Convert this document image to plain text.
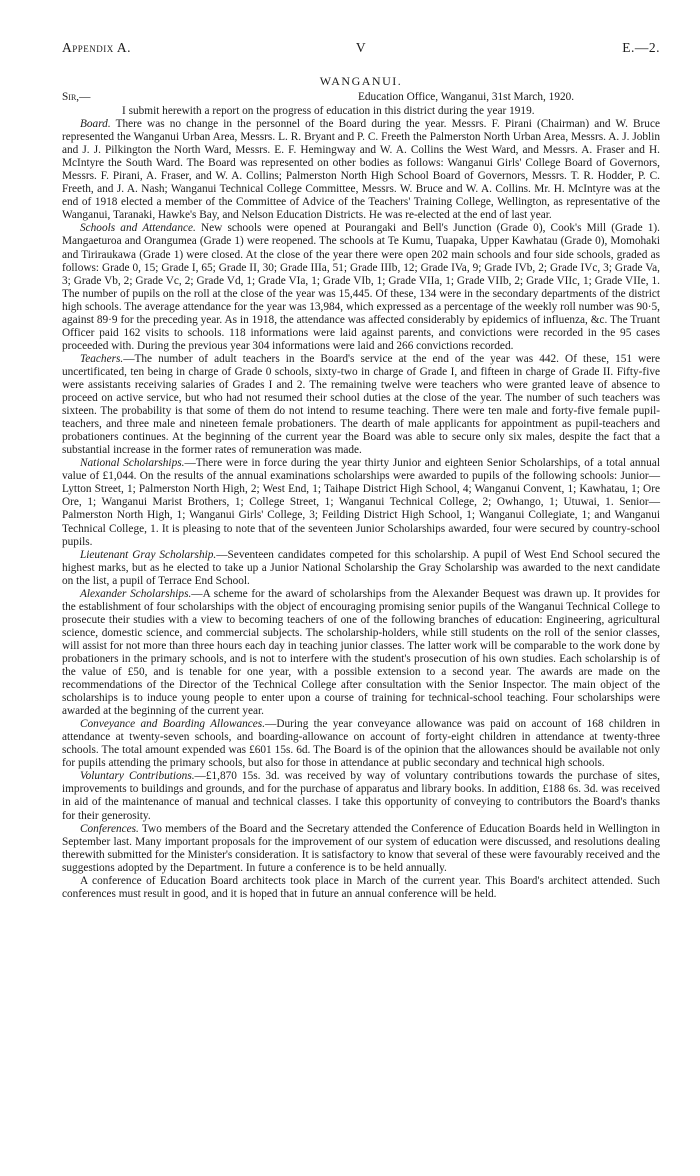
Appendix A.	V	E.—2.
WANGANUI.
Sir,—	Education Office, Wanganui, 31st March, 1920.

I submit herewith a report on the progress of education in this district during the year 1919.

Board. There was no change in the personnel of the Board during the year. Messrs. F. Pirani (Chairman) and W. Bruce represented the Wanganui Urban Area, Messrs. L. R. Bryant and P. C. Freeth the Palmerston North Urban Area, Messrs. A. J. Joblin and J. J. Pilkington the North Ward, Messrs. E. F. Hemingway and W. A. Collins the West Ward, and Messrs. A. Fraser and H. McIntyre the South Ward. The Board was represented on other bodies as follows: Wanganui Girls' College Board of Governors, Messrs. F. Pirani, A. Fraser, and W. A. Collins; Palmerston North High School Board of Governors, Messrs. T. R. Hodder, P. C. Freeth, and J. A. Nash; Wanganui Technical College Committee, Messrs. W. Bruce and W. A. Collins. Mr. H. McIntyre was at the end of 1918 elected a member of the Committee of Advice of the Teachers' Training College, Wellington, as representative of the Wanganui, Taranaki, Hawke's Bay, and Nelson Education Districts. He was re-elected at the end of last year.

Schools and Attendance. New schools were opened at Pourangaki and Bell's Junction (Grade 0), Cook's Mill (Grade 1). Mangaeturoa and Orangumea (Grade 1) were reopened. The schools at Te Kumu, Tuapaka, Upper Kawhatau (Grade 0), Momohaki and Tiriraukawa (Grade 1) were closed. At the close of the year there were open 202 main schools and four side schools, graded as follows: Grade 0, 15; Grade I, 65; Grade II, 30; Grade IIIa, 51; Grade IIIb, 12; Grade IVa, 9; Grade IVb, 2; Grade IVc, 3; Grade Va, 3; Grade Vb, 2; Grade Vc, 2; Grade Vd, 1; Grade VIa, 1; Grade VIb, 1; Grade VIIa, 1; Grade VIIb, 2; Grade VIIc, 1; Grade VIIe, 1. The number of pupils on the roll at the close of the year was 15,445. Of these, 134 were in the secondary departments of the district high schools. The average attendance for the year was 13,984, which expressed as a percentage of the weekly roll number was 90·5, against 89·9 for the preceding year. As in 1918, the attendance was affected considerably by epidemics of influenza, &c. The Truant Officer paid 162 visits to schools. 118 informations were laid against parents, and convictions were recorded in the 95 cases proceeded with. During the previous year 304 informations were laid and 266 convictions recorded.

Teachers.—The number of adult teachers in the Board's service at the end of the year was 442. Of these, 151 were uncertificated, ten being in charge of Grade 0 schools, sixty-two in charge of Grade I, and fifteen in charge of Grade II. Fifty-five were assistants receiving salaries of Grades I and 2. The remaining twelve were teachers who were granted leave of absence to proceed on active service, but who had not resumed their school duties at the close of the year. The number of such teachers was sixteen. The probability is that some of them do not intend to resume teaching. There were ten male and forty-five female pupil-teachers, and three male and nineteen female probationers. The dearth of male applicants for appointment as pupil-teachers and probationers continues. At the beginning of the current year the Board was able to secure only six males, despite the fact that a substantial increase in the former rates of remuneration was made.

National Scholarships.—There were in force during the year thirty Junior and eighteen Senior Scholarships, of a total annual value of £1,044. On the results of the annual examinations scholarships were awarded to pupils of the following schools: Junior—Lytton Street, 1; Palmerston North High, 2; West End, 1; Taihape District High School, 4; Wanganui Convent, 1; Kawhatau, 1; Ore Ore, 1; Wanganui Marist Brothers, 1; College Street, 1; Wanganui Technical College, 2; Owhango, 1; Utuwai, 1. Senior—Palmerston North High, 1; Wanganui Girls' College, 3; Feilding District High School, 1; Wanganui Collegiate, 1; and Wanganui Technical College, 1. It is pleasing to note that of the seventeen Junior Scholarships awarded, four were secured by country-school pupils.

Lieutenant Gray Scholarship.—Seventeen candidates competed for this scholarship. A pupil of West End School secured the highest marks, but as he elected to take up a Junior National Scholarship the Gray Scholarship was awarded to the next candidate on the list, a pupil of Terrace End School.

Alexander Scholarships.—A scheme for the award of scholarships from the Alexander Bequest was drawn up. It provides for the establishment of four scholarships with the object of encouraging promising senior pupils of the Wanganui Technical College to prosecute their studies with a view to becoming teachers of one of the following branches of education: Engineering, agricultural science, domestic science, and commercial subjects. The scholarship-holders, while still students on the roll of the senior classes, will assist for not more than three hours each day in teaching junior classes. The latter work will be comparable to the work done by probationers in the primary schools, and is not to interfere with the student's prosecution of his own studies. Each scholarship is of the value of £50, and is tenable for one year, with a possible extension to a second year. The awards are made on the recommendations of the Director of the Technical College after consultation with the Senior Inspector. The main object of the scholarships is to induce young people to enter upon a course of training for technical-school teaching. Four scholarships were awarded at the beginning of the current year.

Conveyance and Boarding Allowances.—During the year conveyance allowance was paid on account of 168 children in attendance at twenty-seven schools, and boarding-allowance on account of forty-eight children in attendance at twenty-three schools. The total amount expended was £601 15s. 6d. The Board is of the opinion that the allowances should be available not only for pupils attending the primary schools, but also for those in attendance at public secondary and technical high schools.

Voluntary Contributions.—£1,870 15s. 3d. was received by way of voluntary contributions towards the purchase of sites, improvements to buildings and grounds, and for the purchase of apparatus and library books. In addition, £188 6s. 3d. was received in aid of the maintenance of manual and technical classes. I take this opportunity of conveying to contributors the Board's thanks for their generosity.

Conferences. Two members of the Board and the Secretary attended the Conference of Education Boards held in Wellington in September last. Many important proposals for the improvement of our system of education were discussed, and resolutions dealing therewith submitted for the Minister's consideration. It is satisfactory to know that several of these were favourably received and the suggestions adopted by the Department. In future a conference is to be held annually.

A conference of Education Board architects took place in March of the current year. This Board's architect attended. Such conferences must result in good, and it is hoped that in future an annual conference will be held.
